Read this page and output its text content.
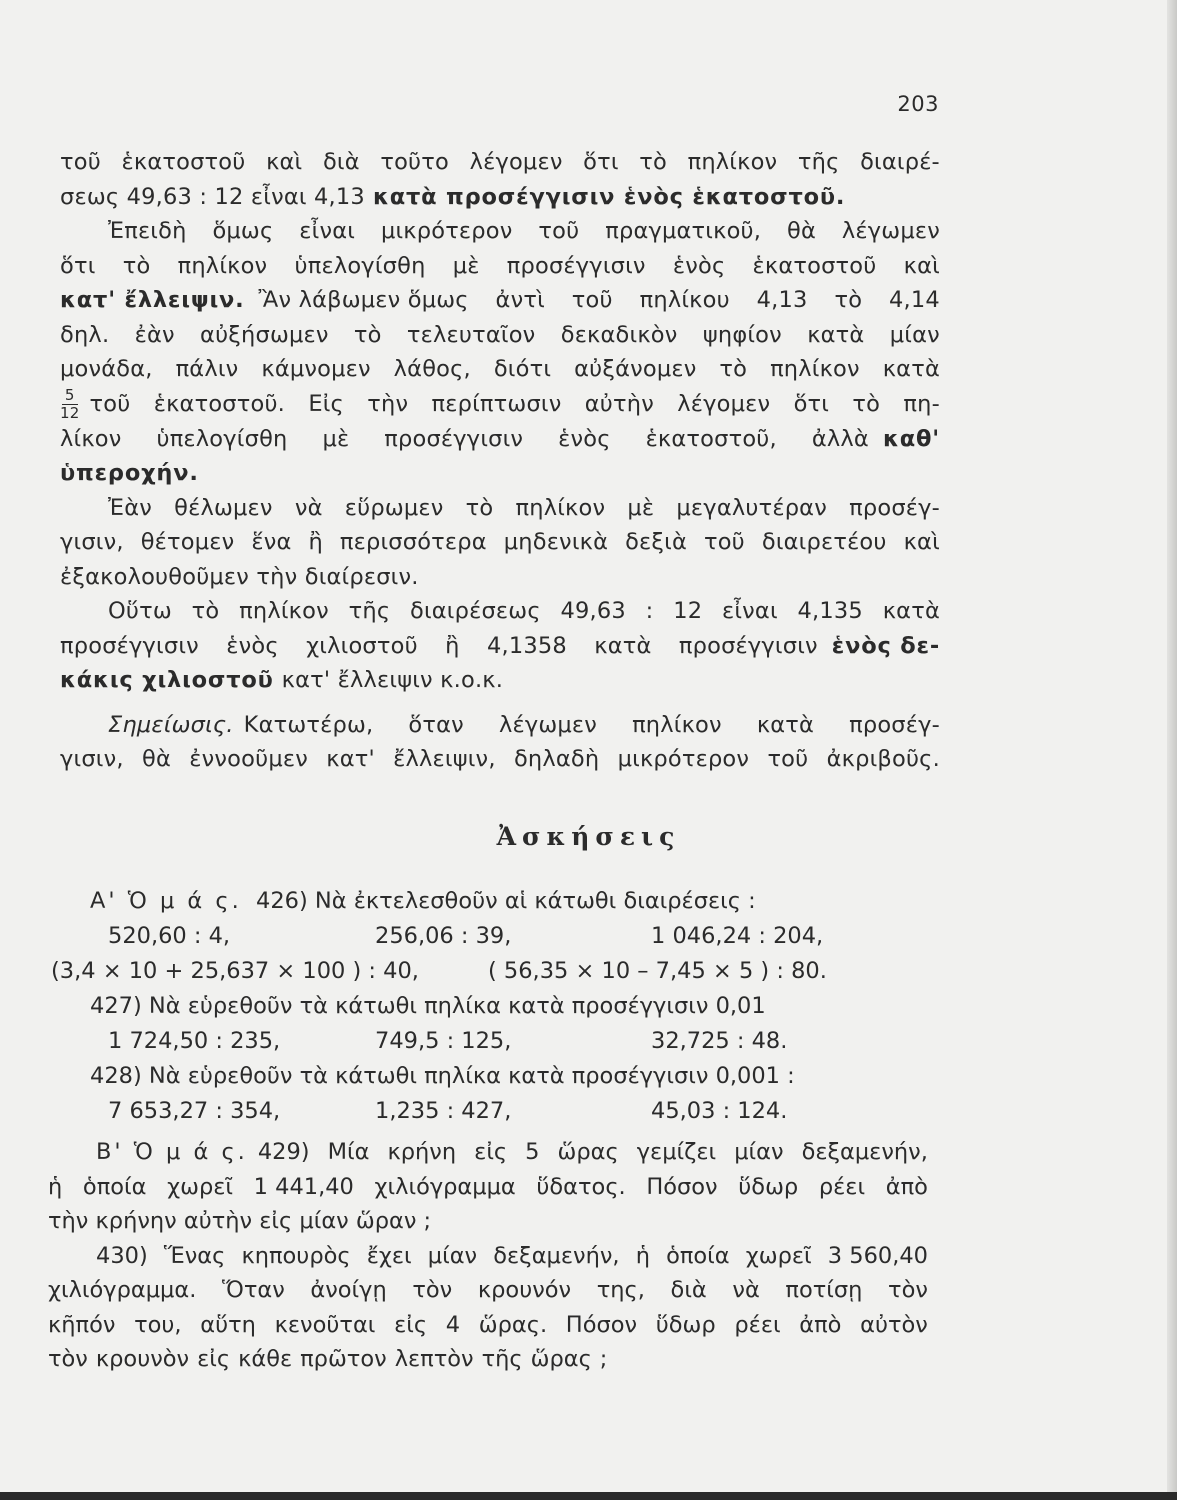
203
τοῦ ἑκατοστοῦ καὶ διὰ τοῦτο λέγομεν ὅτι τὸ πηλίκον τῆς διαιρέ-
σεως 49,63 : 12 εἶναι 4,13 κατὰ προσέγγισιν ἑνὸς ἑκατοστοῦ.
Ἐπειδὴ ὅμως εἶναι μικρότερον τοῦ πραγματικοῦ, θὰ λέγωμεν
ὅτι τὸ πηλίκον ὑπελογίσθη μὲ προσέγγισιν ἑνὸς ἑκατοστοῦ καὶ
κατ' ἔλλειψιν. Ἂν λάβωμεν ὅμως ἀντὶ τοῦ πηλίκου 4,13 τὸ 4,14
δηλ. ἐὰν αὐξήσωμεν τὸ τελευταῖον δεκαδικὸν ψηφίον κατὰ μίαν
μονάδα, πάλιν κάμνομεν λάθος, διότι αὐξάνομεν τὸ πηλίκον κατὰ
$\frac{5}{12}$ τοῦ ἑκατοστοῦ. Εἰς τὴν περίπτωσιν αὐτὴν λέγομεν ὅτι τὸ πη-
λίκον ὑπελογίσθη μὲ προσέγγισιν ἑνὸς ἑκατοστοῦ, ἀλλὰ καθ'
ὑπεροχήν.
Ἐὰν θέλωμεν νὰ εὕρωμεν τὸ πηλίκον μὲ μεγαλυτέραν προσέγ-
γισιν, θέτομεν ἕνα ἢ περισσότερα μηδενικὰ δεξιὰ τοῦ διαιρετέου καὶ
ἐξακολουθοῦμεν τὴν διαίρεσιν.
Οὕτω τὸ πηλίκον τῆς διαιρέσεως 49,63 : 12 εἶναι 4,135 κατὰ
προσέγγισιν ἑνὸς χιλιοστοῦ ἢ 4,1358 κατὰ προσέγγισιν ἑνὸς δε-
κάκις χιλιοστοῦ κατ' ἔλλειψιν κ.ο.κ.
Σημείωσις. Κατωτέρω, ὅταν λέγωμεν πηλίκον κατὰ προσέγ-
γισιν, θὰ ἐννοοῦμεν κατ' ἔλλειψιν, δηλαδὴ μικρότερον τοῦ ἀκριβοῦς.
Ἀσκήσεις
Α' Ὁ μ ά ς. 426) Νὰ ἐκτελεσθοῦν αἱ κάτωθι διαιρέσεις :
520,60 : 4,	256,06 : 39,	1 046,24 : 204,
(3,4 × 10 + 25,637 × 100 ) : 40,	( 56,35 × 10 – 7,45 × 5 ) : 80.
427) Νὰ εὑρεθοῦν τὰ κάτωθι πηλίκα κατὰ προσέγγισιν 0,01
1 724,50 : 235,	749,5 : 125,	32,725 : 48.
428) Νὰ εὑρεθοῦν τὰ κάτωθι πηλίκα κατὰ προσέγγισιν 0,001 :
7 653,27 : 354,	1,235 : 427,	45,03 : 124.
Β' Ὁ μ ά ς. 429) Μία κρήνη εἰς 5 ὥρας γεμίζει μίαν δεξαμενήν,
ἡ ὁποία χωρεῖ 1 441,40 χιλιόγραμμα ὕδατος. Πόσον ὕδωρ ρέει ἀπὸ
τὴν κρήνην αὐτὴν εἰς μίαν ὥραν ;
430) Ἕνας κηπουρὸς ἔχει μίαν δεξαμενήν, ἡ ὁποία χωρεῖ 3 560,40
χιλιόγραμμα. Ὅταν ἀνοίγῃ τὸν κρουνόν της, διὰ νὰ ποτίσῃ τὸν
κῆπόν του, αὕτη κενοῦται εἰς 4 ὥρας. Πόσον ὕδωρ ρέει ἀπὸ αὐτὸν
τὸν κρουνὸν εἰς κάθε πρῶτον λεπτὸν τῆς ὥρας ;
